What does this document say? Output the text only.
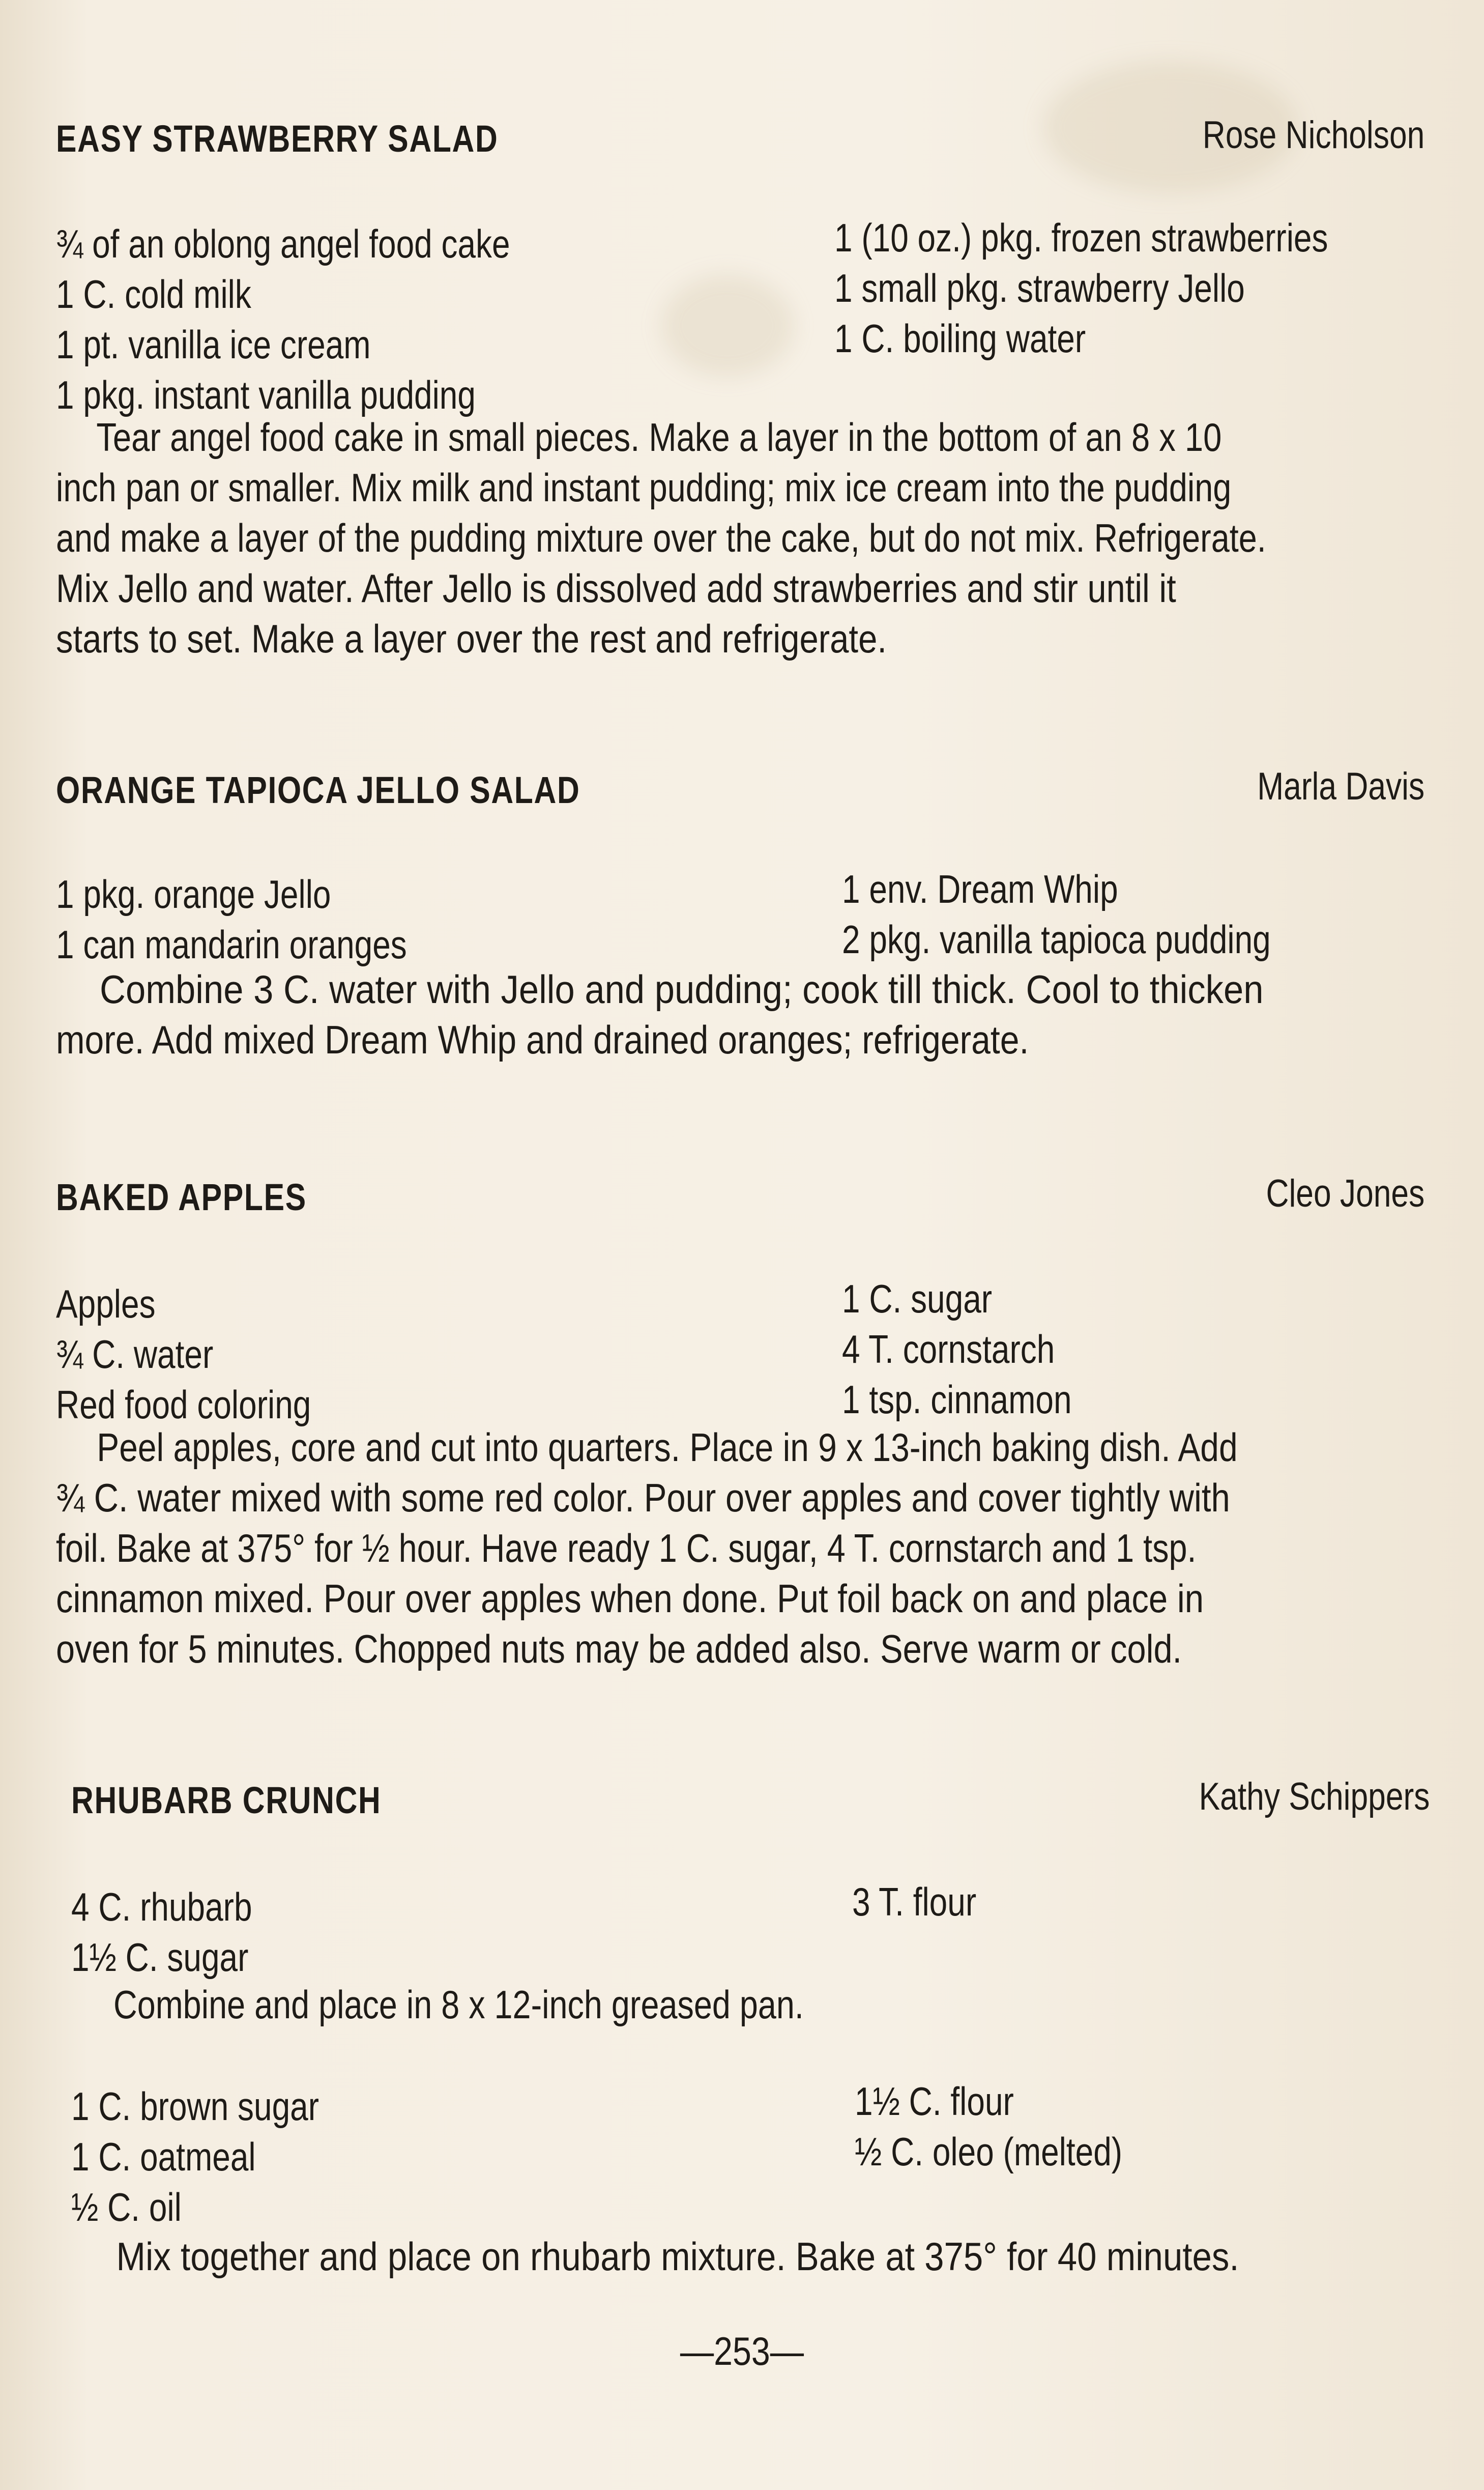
EASY STRAWBERRY SALAD	Rose Nicholson
¾ of an oblong angel food cake
1 C. cold milk
1 pt. vanilla ice cream
1 pkg. instant vanilla pudding
1 (10 oz.) pkg. frozen strawberries
1 small pkg. strawberry Jello
1 C. boiling water
Tear angel food cake in small pieces. Make a layer in the bottom of an 8 x 10
inch pan or smaller. Mix milk and instant pudding; mix ice cream into the pudding
and make a layer of the pudding mixture over the cake, but do not mix. Refrigerate.
Mix Jello and water. After Jello is dissolved add strawberries and stir until it
starts to set. Make a layer over the rest and refrigerate.
ORANGE TAPIOCA JELLO SALAD	Marla Davis
1 pkg. orange Jello
1 can mandarin oranges
1 env. Dream Whip
2 pkg. vanilla tapioca pudding
Combine 3 C. water with Jello and pudding; cook till thick. Cool to thicken
more. Add mixed Dream Whip and drained oranges; refrigerate.
BAKED APPLES	Cleo Jones
Apples
¾ C. water
Red food coloring
1 C. sugar
4 T. cornstarch
1 tsp. cinnamon
Peel apples, core and cut into quarters. Place in 9 x 13-inch baking dish. Add
¾ C. water mixed with some red color. Pour over apples and cover tightly with
foil. Bake at 375° for ½ hour. Have ready 1 C. sugar, 4 T. cornstarch and 1 tsp.
cinnamon mixed. Pour over apples when done. Put foil back on and place in
oven for 5 minutes. Chopped nuts may be added also. Serve warm or cold.
RHUBARB CRUNCH	Kathy Schippers
4 C. rhubarb
1½ C. sugar
3 T. flour
Combine and place in 8 x 12-inch greased pan.
1 C. brown sugar
1 C. oatmeal
½ C. oil
1½ C. flour
½ C. oleo (melted)
Mix together and place on rhubarb mixture. Bake at 375° for 40 minutes.
—253—
